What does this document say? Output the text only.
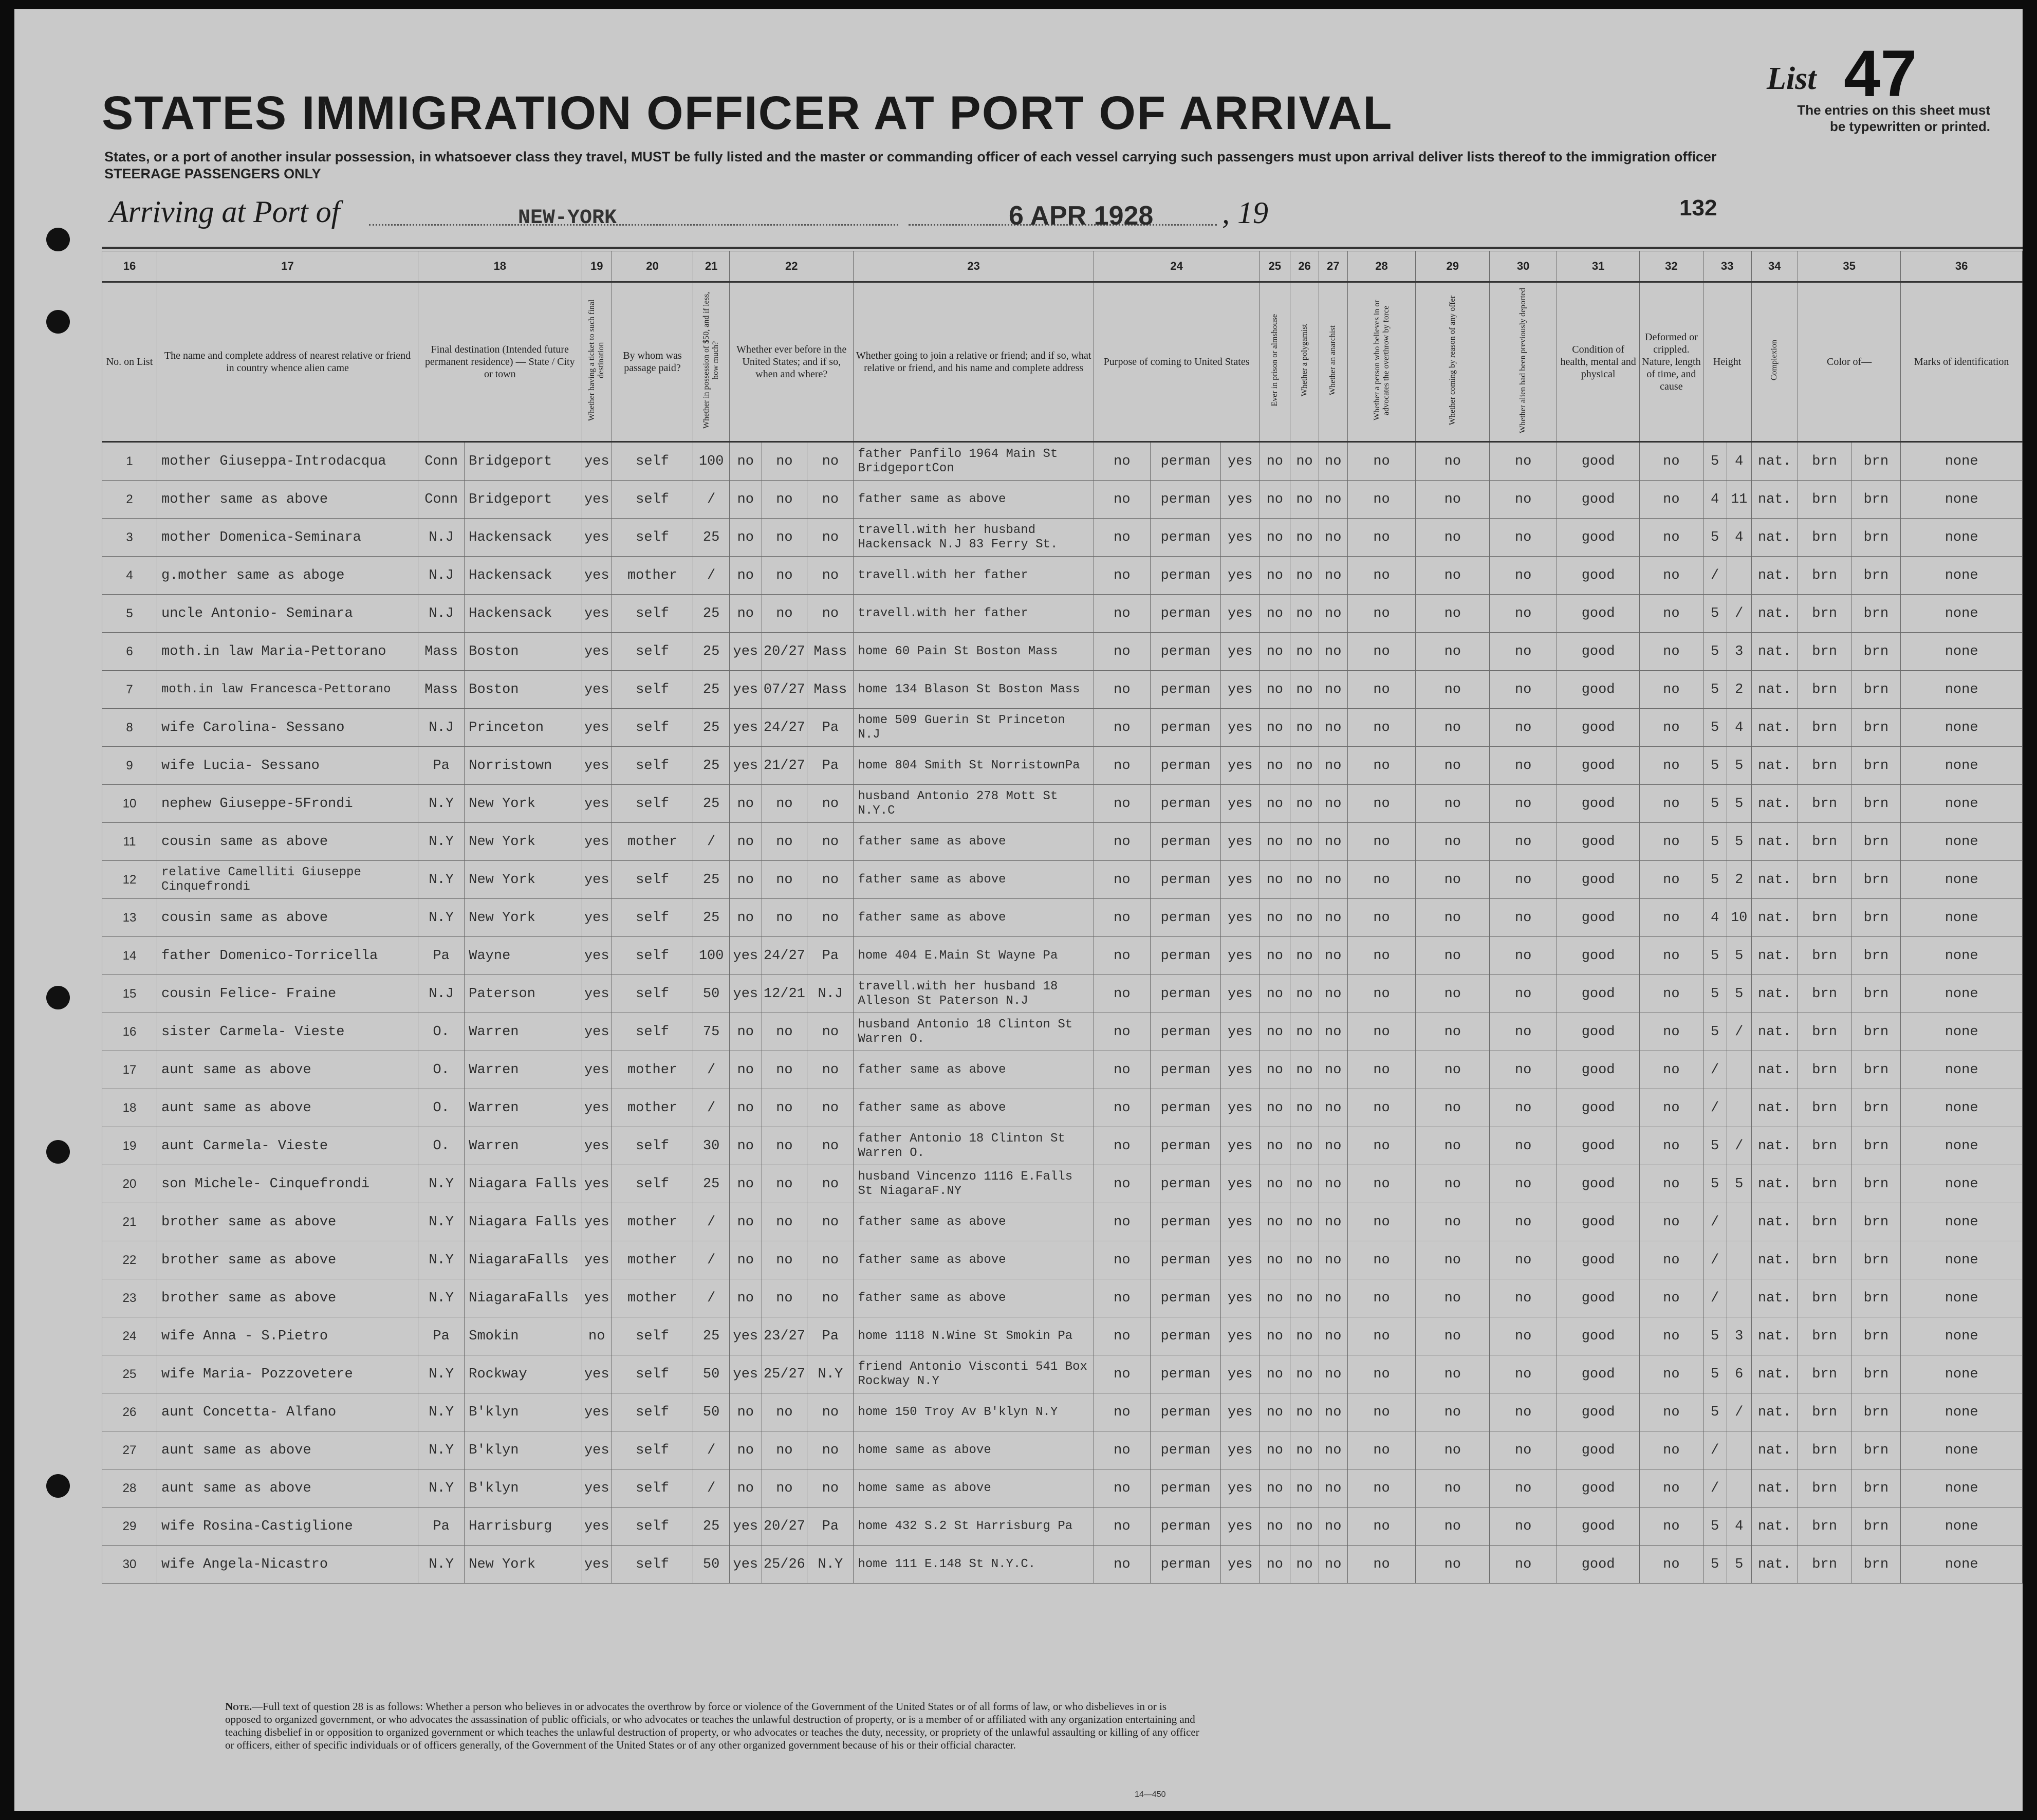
STATES IMMIGRATION OFFICER AT PORT OF ARRIVAL
States, or a port of another insular possession, in whatsoever class they travel, MUST be fully listed and the master or commanding officer of each vessel carrying such passengers must upon arrival deliver lists thereof to the immigration officer
STEERAGE PASSENGERS ONLY
List 47
The entries on this sheet must
be typewritten or printed.
Arriving at Port of	NEW-YORK	6 APR 1928 , 19	132
16	17	18		19	20	21	22			23	24			25	26	27	28	29	30	31	32	33		34	35		36
No. on List	The name and complete address of nearest relative or friend in country whence alien came	Final destination (Intended future permanent residence) — State / City or town		Whether having a ticket to such final destination	By whom was passage paid?	Whether in possession of $50, and if less, how much?	Whether ever before in the United States; and if so, when and where?			Whether going to join a relative or friend; and if so, what relative or friend, and his name and complete address	Purpose of coming to United States			Ever in prison or almshouse	Whether a polygamist	Whether an anarchist	Whether a person who believes in or advocates the overthrow by force	Whether coming by reason of any offer	Whether alien had been previously deported	Condition of health, mental and physical	Deformed or crippled. Nature, length of time, and cause	Height		Complexion	Color of—		Marks of identification
1	mother Giuseppa-Introdacqua	Conn	Bridgeport	yes	self	100	no	no	no	father Panfilo 1964 Main St BridgeportCon	no	perman	yes	no	no	no	no	no	no	good	no	5	4	nat.	brn	brn	none
2	mother same as above	Conn	Bridgeport	yes	self	/	no	no	no	father same as above	no	perman	yes	no	no	no	no	no	no	good	no	4	11	nat.	brn	brn	none
3	mother Domenica-Seminara	N.J	Hackensack	yes	self	25	no	no	no	travell.with her husband Hackensack N.J 83 Ferry St.	no	perman	yes	no	no	no	no	no	no	good	no	5	4	nat.	brn	brn	none
4	g.mother same as aboge	N.J	Hackensack	yes	mother	/	no	no	no	travell.with her father	no	perman	yes	no	no	no	no	no	no	good	no	/		nat.	brn	brn	none
5	uncle Antonio- Seminara	N.J	Hackensack	yes	self	25	no	no	no	travell.with her father	no	perman	yes	no	no	no	no	no	no	good	no	5	/	nat.	brn	brn	none
6	moth.in law Maria-Pettorano	Mass	Boston	yes	self	25	yes	20/27	Mass	home 60 Pain St Boston Mass	no	perman	yes	no	no	no	no	no	no	good	no	5	3	nat.	brn	brn	none
7	moth.in law Francesca-Pettorano	Mass	Boston	yes	self	25	yes	07/27	Mass	home 134 Blason St Boston Mass	no	perman	yes	no	no	no	no	no	no	good	no	5	2	nat.	brn	brn	none
8	wife Carolina- Sessano	N.J	Princeton	yes	self	25	yes	24/27	Pa	home 509 Guerin St Princeton N.J	no	perman	yes	no	no	no	no	no	no	good	no	5	4	nat.	brn	brn	none
9	wife Lucia- Sessano	Pa	Norristown	yes	self	25	yes	21/27	Pa	home 804 Smith St NorristownPa	no	perman	yes	no	no	no	no	no	no	good	no	5	5	nat.	brn	brn	none
10	nephew Giuseppe-5Frondi	N.Y	New York	yes	self	25	no	no	no	husband Antonio 278 Mott St N.Y.C	no	perman	yes	no	no	no	no	no	no	good	no	5	5	nat.	brn	brn	none
11	cousin same as above	N.Y	New York	yes	mother	/	no	no	no	father same as above	no	perman	yes	no	no	no	no	no	no	good	no	5	5	nat.	brn	brn	none
12	relative Camelliti Giuseppe Cinquefrondi	N.Y	New York	yes	self	25	no	no	no	father same as above	no	perman	yes	no	no	no	no	no	no	good	no	5	2	nat.	brn	brn	none
13	cousin same as above	N.Y	New York	yes	self	25	no	no	no	father same as above	no	perman	yes	no	no	no	no	no	no	good	no	4	10	nat.	brn	brn	none
14	father Domenico-Torricella	Pa	Wayne	yes	self	100	yes	24/27	Pa	home 404 E.Main St Wayne Pa	no	perman	yes	no	no	no	no	no	no	good	no	5	5	nat.	brn	brn	none
15	cousin Felice- Fraine	N.J	Paterson	yes	self	50	yes	12/21	N.J	travell.with her husband 18 Alleson St Paterson N.J	no	perman	yes	no	no	no	no	no	no	good	no	5	5	nat.	brn	brn	none
16	sister Carmela- Vieste	O.	Warren	yes	self	75	no	no	no	husband Antonio 18 Clinton St Warren O.	no	perman	yes	no	no	no	no	no	no	good	no	5	/	nat.	brn	brn	none
17	aunt same as above	O.	Warren	yes	mother	/	no	no	no	father same as above	no	perman	yes	no	no	no	no	no	no	good	no	/		nat.	brn	brn	none
18	aunt same as above	O.	Warren	yes	mother	/	no	no	no	father same as above	no	perman	yes	no	no	no	no	no	no	good	no	/		nat.	brn	brn	none
19	aunt Carmela- Vieste	O.	Warren	yes	self	30	no	no	no	father Antonio 18 Clinton St Warren O.	no	perman	yes	no	no	no	no	no	no	good	no	5	/	nat.	brn	brn	none
20	son Michele- Cinquefrondi	N.Y	Niagara Falls	yes	self	25	no	no	no	husband Vincenzo 1116 E.Falls St NiagaraF.NY	no	perman	yes	no	no	no	no	no	no	good	no	5	5	nat.	brn	brn	none
21	brother same as above	N.Y	Niagara Falls	yes	mother	/	no	no	no	father same as above	no	perman	yes	no	no	no	no	no	no	good	no	/		nat.	brn	brn	none
22	brother same as above	N.Y	NiagaraFalls	yes	mother	/	no	no	no	father same as above	no	perman	yes	no	no	no	no	no	no	good	no	/		nat.	brn	brn	none
23	brother same as above	N.Y	NiagaraFalls	yes	mother	/	no	no	no	father same as above	no	perman	yes	no	no	no	no	no	no	good	no	/		nat.	brn	brn	none
24	wife Anna - S.Pietro	Pa	Smokin	no	self	25	yes	23/27	Pa	home 1118 N.Wine St Smokin Pa	no	perman	yes	no	no	no	no	no	no	good	no	5	3	nat.	brn	brn	none
25	wife Maria- Pozzovetere	N.Y	Rockway	yes	self	50	yes	25/27	N.Y	friend Antonio Visconti 541 Box Rockway N.Y	no	perman	yes	no	no	no	no	no	no	good	no	5	6	nat.	brn	brn	none
26	aunt Concetta- Alfano	N.Y	B'klyn	yes	self	50	no	no	no	home 150 Troy Av B'klyn N.Y	no	perman	yes	no	no	no	no	no	no	good	no	5	/	nat.	brn	brn	none
27	aunt same as above	N.Y	B'klyn	yes	self	/	no	no	no	home same as above	no	perman	yes	no	no	no	no	no	no	good	no	/		nat.	brn	brn	none
28	aunt same as above	N.Y	B'klyn	yes	self	/	no	no	no	home same as above	no	perman	yes	no	no	no	no	no	no	good	no	/		nat.	brn	brn	none
29	wife Rosina-Castiglione	Pa	Harrisburg	yes	self	25	yes	20/27	Pa	home 432 S.2 St Harrisburg Pa	no	perman	yes	no	no	no	no	no	no	good	no	5	4	nat.	brn	brn	none
30	wife Angela-Nicastro	N.Y	New York	yes	self	50	yes	25/26	N.Y	home 111 E.148 St N.Y.C.	no	perman	yes	no	no	no	no	no	no	good	no	5	5	nat.	brn	brn	none
Note.—Full text of question 28 is as follows: Whether a person who believes in or advocates the overthrow by force or violence of the Government of the United States or of all forms of law, or who disbelieves in or is opposed to organized government, or who advocates the assassination of public officials, or who advocates or teaches the unlawful destruction of property, or is a member of or affiliated with any organization entertaining and teaching disbelief in or opposition to organized government or which teaches the unlawful destruction of property, or who advocates or teaches the duty, necessity, or propriety of the unlawful assaulting or killing of any officer or officers, either of specific individuals or of officers generally, of the Government of the United States or of any other organized government because of his or their official character.
14—450
